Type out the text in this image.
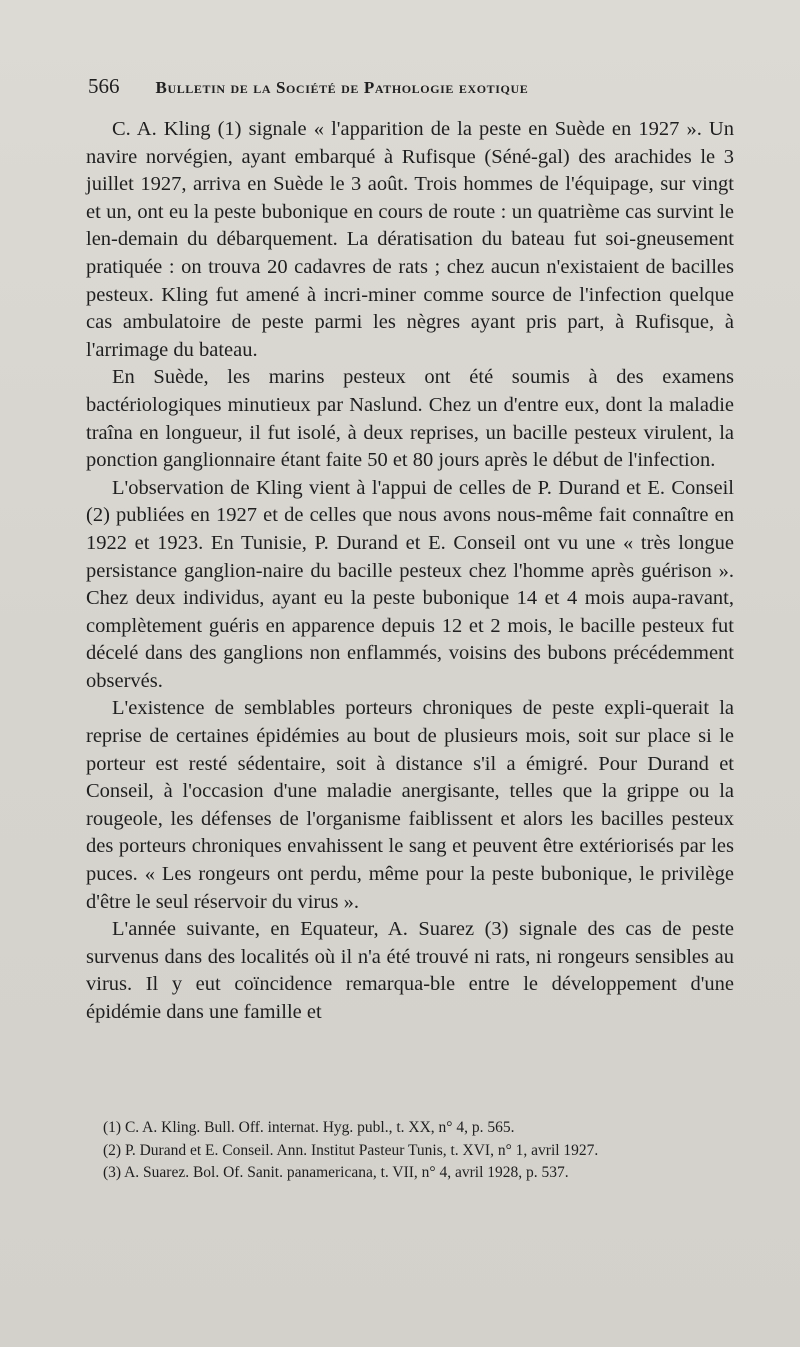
566 Bulletin de la Société de Pathologie exotique

C. A. Kling (1) signale « l'apparition de la peste en Suède en 1927 ». Un navire norvégien, ayant embarqué à Rufisque (Séné-gal) des arachides le 3 juillet 1927, arriva en Suède le 3 août. Trois hommes de l'équipage, sur vingt et un, ont eu la peste bubonique en cours de route : un quatrième cas survint le len-demain du débarquement. La dératisation du bateau fut soi-gneusement pratiquée : on trouva 20 cadavres de rats ; chez aucun n'existaient de bacilles pesteux. Kling fut amené à incri-miner comme source de l'infection quelque cas ambulatoire de peste parmi les nègres ayant pris part, à Rufisque, à l'arrimage du bateau.

En Suède, les marins pesteux ont été soumis à des examens bactériologiques minutieux par Naslund. Chez un d'entre eux, dont la maladie traîna en longueur, il fut isolé, à deux reprises, un bacille pesteux virulent, la ponction ganglionnaire étant faite 50 et 80 jours après le début de l'infection.

L'observation de Kling vient à l'appui de celles de P. Durand et E. Conseil (2) publiées en 1927 et de celles que nous avons nous-même fait connaître en 1922 et 1923. En Tunisie, P. Durand et E. Conseil ont vu une « très longue persistance ganglion-naire du bacille pesteux chez l'homme après guérison ». Chez deux individus, ayant eu la peste bubonique 14 et 4 mois aupa-ravant, complètement guéris en apparence depuis 12 et 2 mois, le bacille pesteux fut décelé dans des ganglions non enflammés, voisins des bubons précédemment observés.

L'existence de semblables porteurs chroniques de peste expli-querait la reprise de certaines épidémies au bout de plusieurs mois, soit sur place si le porteur est resté sédentaire, soit à distance s'il a émigré. Pour Durand et Conseil, à l'occasion d'une maladie anergisante, telles que la grippe ou la rougeole, les défenses de l'organisme faiblissent et alors les bacilles pesteux des porteurs chroniques envahissent le sang et peuvent être extériorisés par les puces. « Les rongeurs ont perdu, même pour la peste bubonique, le privilège d'être le seul réservoir du virus ».

L'année suivante, en Equateur, A. Suarez (3) signale des cas de peste survenus dans des localités où il n'a été trouvé ni rats, ni rongeurs sensibles au virus. Il y eut coïncidence remarqua-ble entre le développement d'une épidémie dans une famille et

(1) C. A. Kling. Bull. Off. internat. Hyg. publ., t. XX, n° 4, p. 565.

(2) P. Durand et E. Conseil. Ann. Institut Pasteur Tunis, t. XVI, n° 1, avril 1927.

(3) A. Suarez. Bol. Of. Sanit. panamericana, t. VII, n° 4, avril 1928, p. 537.
